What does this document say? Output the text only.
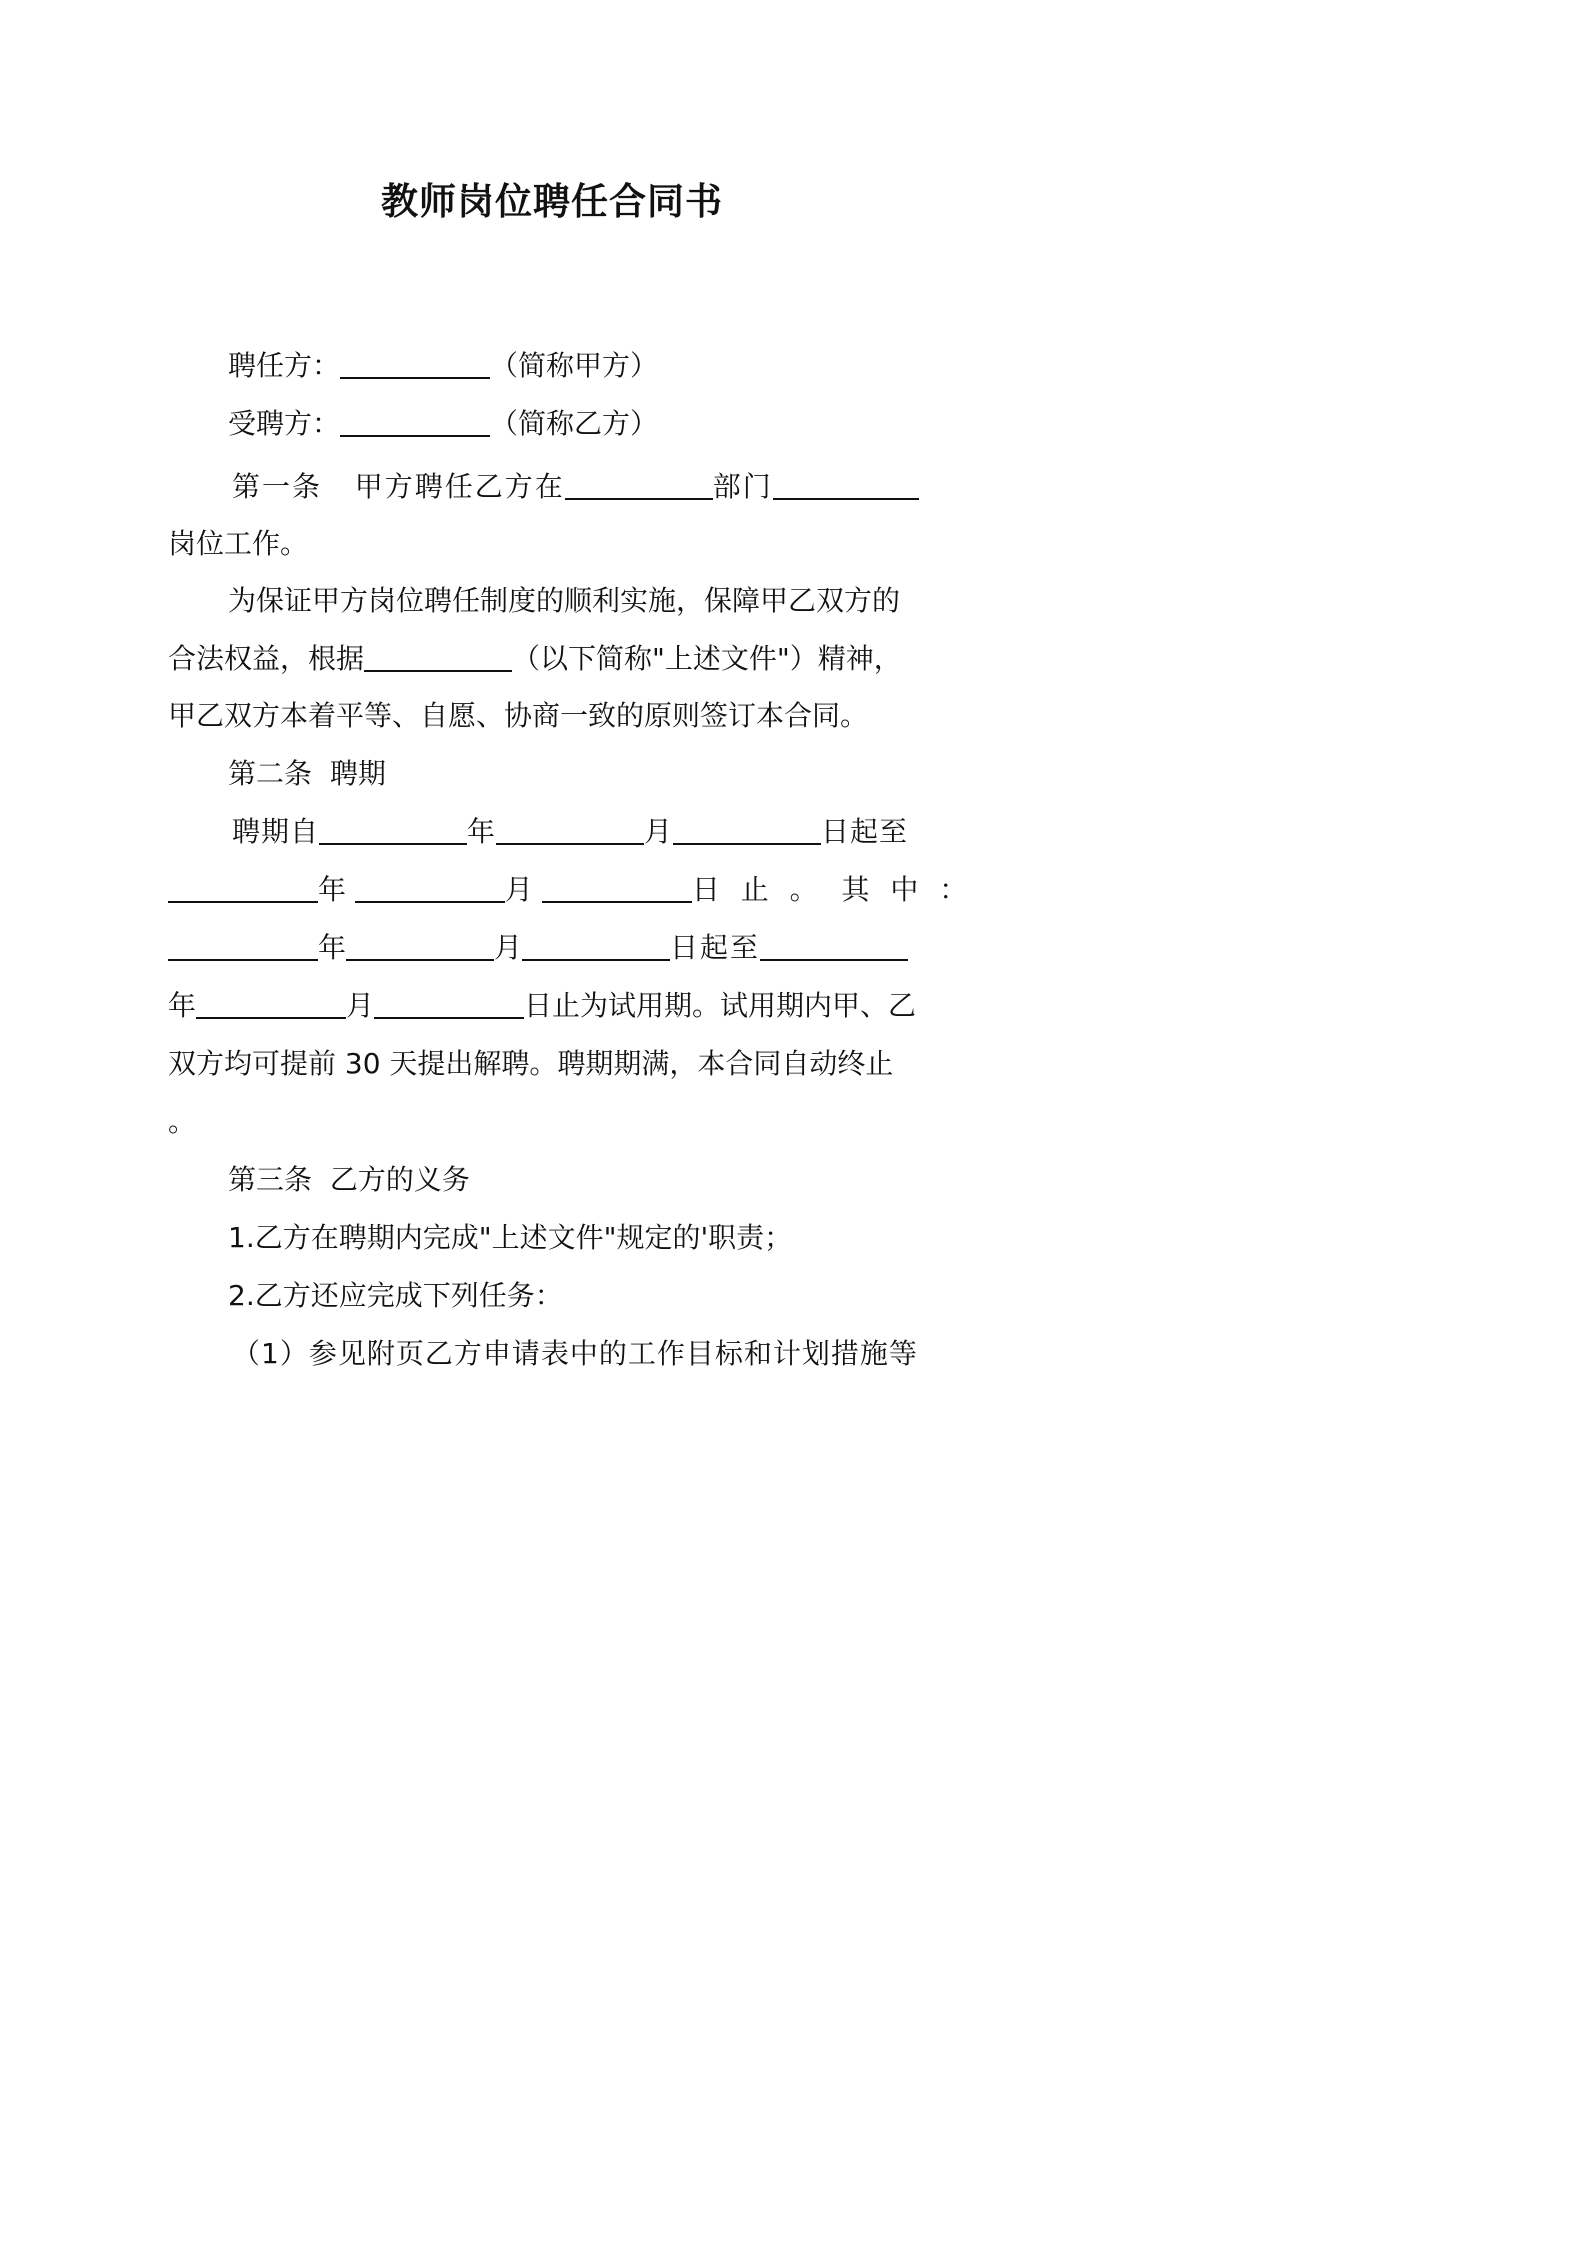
教师岗位聘任合同书
聘任方：	（简称甲方）
受聘方：	（简称乙方）
第一条 甲方聘任乙方在	部门
岗位工作。
为保证甲方岗位聘任制度的顺利实施，保障甲乙双方的
合法权益，根据	（以下简称"上述文件"）精神，
甲乙双方本着平等、自愿、协商一致的原则签订本合同。
第二条 聘期
聘期自	年	月	日起至
年	月	日 止 。 其 中 ：
年	月	日起至
年	月	日止为试用期。试用期内甲、乙
双方均可提前 30 天提出解聘。聘期期满，本合同自动终止
。
第三条 乙方的义务
1.乙方在聘期内完成"上述文件"规定的'职责；
2.乙方还应完成下列任务：
（1）参见附页乙方申请表中的工作目标和计划措施等
